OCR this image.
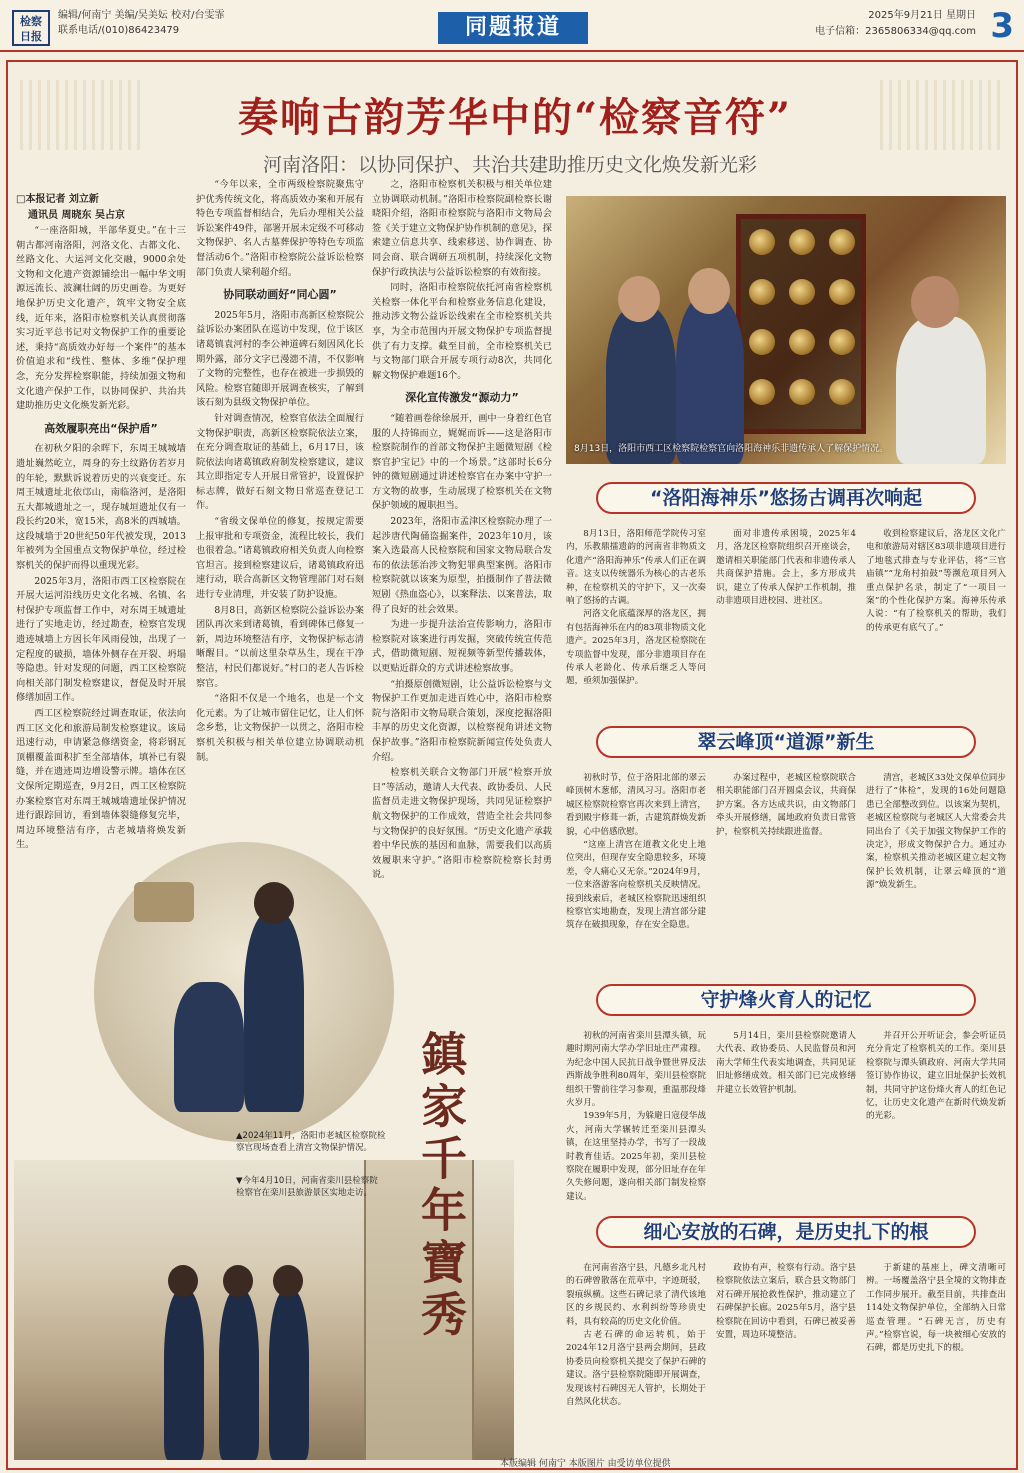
检察
日报
编辑/何南宁 美编/吴美妘 校对/台雯霏
联系电话/(010)86423479	同题报道	2025年9月21日 星期日
电子信箱：2365806334@qq.com 3
奏响古韵芳华中的“检察音符”
河南洛阳：以协同保护、共治共建助推历史文化焕发新光彩
□本报记者 刘立新
通讯员 周晓东 吴占京

“一座洛阳城，半部华夏史。”在十三朝古都河南洛阳，河洛文化、古都文化、丝路文化、大运河文化交融，9000余处文物和文化遗产资源铺绘出一幅中华文明源远流长、波澜壮阔的历史画卷。为更好地保护历史文化遗产，筑牢文物安全底线，近年来，洛阳市检察机关认真贯彻落实习近平总书记对文物保护工作的重要论述，秉持“高质效办好每一个案件”的基本价值追求和“线性、整体、多维”保护理念，充分发挥检察职能，持续加强文物和文化遗产保护工作，以协同保护、共治共建助推历史文化焕发新光彩。

高效履职亮出“保护盾”

在初秋夕阳的余晖下，东周王城城墙遗址巍然屹立，周身的夯土纹路仿若岁月的年轮，默默诉说着历史的兴衰变迁。东周王城遗址北依邙山，南临洛河，是洛阳五大都城遗址之一，现存城垣遗址仅有一段长约20米，宽15米，高8米的西城墙。这段城墙于20世纪50年代被发现，2013年被列为全国重点文物保护单位，经过检察机关的保护而得以重现光彩。

2025年3月，洛阳市西工区检察院在开展大运河沿线历史文化名城、名镇、名村保护专项监督工作中，对东周王城遗址进行了实地走访，经过勘查，检察官发现遗迹城墙上方因长年风雨侵蚀，出现了一定程度的破损，墙体外侧存在开裂、坍塌等隐患。针对发现的问题，西工区检察院向相关部门制发检察建议，督促及时开展修缮加固工作。

西工区检察院经过调查取证，依法向西工区文化和旅游局制发检察建议。该局迅速行动，申请紧急修缮资金，将彩钢瓦顶棚覆盖面积扩至全部墙体，填补已有裂缝，并在遗迹周边增设警示牌。墙体在区文保所定期巡查，9月2日，西工区检察院办案检察官对东周王城城墙遗址保护情况进行跟踪回访，看到墙体裂缝修复完毕，周边环境整洁有序，古老城墙将焕发新生。

“今年以来，全市两级检察院聚焦守护优秀传统文化，将高质效办案和开展有特色专项监督相结合，先后办理相关公益诉讼案件49件，部署开展未定级不可移动文物保护、名人古墓葬保护等特色专项监督活动6个。”洛阳市检察院公益诉讼检察部门负责人梁利超介绍。

协同联动画好“同心圆”

2025年5月，洛阳市高新区检察院公益诉讼办案团队在巡访中发现，位于该区诸葛镇袁河村的李公神道碑石刻因风化长期外露，部分文字已漫漶不清，不仅影响了文物的完整性，也存在被进一步损毁的风险。检察官随即开展调查核实，了解到该石刻为县级文物保护单位。

针对调查情况，检察官依法全面履行文物保护职责，高新区检察院依法立案，在充分调查取证的基础上，6月17日，该院依法向诸葛镇政府制发检察建议，建议其立即指定专人开展日常管护，设置保护标志牌，做好石刻文物日常巡查登记工作。

“省级文保单位的修复，按规定需要上报审批和专项资金，流程比较长，我们也很着急。”诸葛镇政府相关负责人向检察官坦言。接到检察建议后，诸葛镇政府迅速行动，联合高新区文物管理部门对石刻进行专业清理，并安装了防护设施。

8月8日，高新区检察院公益诉讼办案团队再次来到诸葛镇，看到碑体已修复一新，周边环境整洁有序，文物保护标志清晰醒目。“以前这里杂草丛生，现在干净整洁，村民们都说好。”村口的老人告诉检察官。

“洛阳不仅是一个地名，也是一个文化元素。为了让城市留住记忆，让人们怀念乡愁，让文物保护一以贯之，洛阳市检察机关积极与相关单位建立协调联动机制。

之，洛阳市检察机关积极与相关单位建立协调联动机制。”洛阳市检察院副检察长谢晓阳介绍，洛阳市检察院与洛阳市文物局会签《关于建立文物保护协作机制的意见》，探索建立信息共享、线索移送、协作调查、协同会商、联合调研五项机制，持续深化文物保护行政执法与公益诉讼检察的有效衔接。

同时，洛阳市检察院依托河南省检察机关检察一体化平台和检察业务信息化建设，推动涉文物公益诉讼线索在全市检察机关共享，为全市范围内开展文物保护专项监督提供了有力支撑。截至目前，全市检察机关已与文物部门联合开展专项行动8次，共同化解文物保护难题16个。

深化宣传激发“源动力”

“随着画卷徐徐展开，画中一身着红色官服的人持锦而立，娓娓而诉——这是洛阳市检察院制作的首部文物保护主题微短剧《检察官护宝记》中的一个场景。”这部时长6分钟的微短剧通过讲述检察官在办案中守护一方文物的故事，生动展现了检察机关在文物保护领域的履职担当。

2023年，洛阳市孟津区检察院办理了一起涉唐代陶俑盗掘案件，2023年10月，该案入选最高人民检察院和国家文物局联合发布的依法惩治涉文物犯罪典型案例。洛阳市检察院就以该案为原型，拍摄制作了普法微短剧《热血盗心》，以案释法、以案普法，取得了良好的社会效果。

为进一步提升法治宣传影响力，洛阳市检察院对该案进行再发掘，突破传统宣传范式，借助微短剧、短视频等新型传播载体，以更贴近群众的方式讲述检察故事。

“拍摄原创微短剧，让公益诉讼检察与文物保护工作更加走进百姓心中，洛阳市检察院与洛阳市文物局联合策划，深度挖掘洛阳丰厚的历史文化资源，以检察视角讲述文物保护故事。”洛阳市检察院新闻宣传处负责人介绍。

检察机关联合文物部门开展“检察开放日”等活动，邀请人大代表、政协委员、人民监督员走进文物保护现场，共同见证检察护航文物保护的工作成效，营造全社会共同参与文物保护的良好氛围。“历史文化遗产承载着中华民族的基因和血脉，需要我们以高质效履职来守护。”洛阳市检察院检察长封勇说。

8月13日，洛阳市西工区检察院检察官向洛阳海神乐非遗传承人了解保护情况。
▲2024年11月，洛阳市老城区检察院检察官现场查看上清宫文物保护情况。
▼今年4月10日，河南省栾川县检察院检察官在栾川县旅游景区实地走访。 鎮家千年寶秀
“洛阳海神乐”悠扬古调再次响起

8月13日，洛阳师范学院传习室内，乐教鼎擂遗韵的河南省非物质文化遗产“洛阳海神乐”传承人们正在调音。这支以传统器乐为核心的古老乐种，在检察机关的守护下，又一次奏响了悠扬的古调。

河洛文化底蕴深厚的洛龙区，拥有包括海神乐在内的83项非物质文化遗产。2025年3月，洛龙区检察院在专项监督中发现，部分非遗项目存在传承人老龄化、传承后继乏人等问题，亟须加强保护。

面对非遗传承困境，2025年4月，洛龙区检察院组织召开座谈会，邀请相关职能部门代表和非遗传承人共商保护措施。会上，多方形成共识，建立了传承人保护工作机制，推动非遗项目进校园、进社区。

收到检察建议后，洛龙区文化广电和旅游局对辖区83项非遗项目进行了地毯式排查与专业评估，将“三官庙镇”“龙角村拍鼓”等濒危项目列入重点保护名录，制定了“一项目一案”的个性化保护方案。海神乐传承人说：“有了检察机关的帮助，我们的传承更有底气了。”

翠云峰顶“道源”新生

初秋时节，位于洛阳北部的翠云峰顶树木葱郁，清风习习。洛阳市老城区检察院检察官再次来到上清宫，看到殿宇修葺一新，古建筑群焕发新貌，心中倍感欣慰。

“这座上清宫在道教文化史上地位突出，但现存安全隐患较多，环境差，令人痛心又无奈。”2024年9月，一位来洛游客向检察机关反映情况。接到线索后，老城区检察院迅速组织检察官实地勘查，发现上清宫部分建筑存在破损现象，存在安全隐患。

办案过程中，老城区检察院联合相关职能部门召开圆桌会议，共商保护方案。各方达成共识，由文物部门牵头开展修缮，属地政府负责日常管护，检察机关持续跟进监督。

清宫，老城区33处文保单位同步进行了“体检”，发现的16处问题隐患已全部整改到位。以该案为契机，老城区检察院与老城区人大常委会共同出台了《关于加强文物保护工作的决定》，形成文物保护合力。通过办案，检察机关推动老城区建立起文物保护长效机制，让翠云峰顶的“道源”焕发新生。

守护烽火育人的记忆

初秋的河南省栾川县潭头镇，玩趣时期河南大学办学旧址庄严肃穆。为纪念中国人民抗日战争暨世界反法西斯战争胜利80周年，栾川县检察院组织干警前往学习参观，重温那段烽火岁月。

1939年5月，为躲避日寇侵华战火，河南大学辗转迁至栾川县潭头镇，在这里坚持办学，书写了一段战时教育佳话。2025年初，栾川县检察院在履职中发现，部分旧址存在年久失修问题，遂向相关部门制发检察建议。

5月14日，栾川县检察院邀请人大代表、政协委员、人民监督员和河南大学师生代表实地调查，共同见证旧址修缮成效。相关部门已完成修缮并建立长效管护机制。

并召开公开听证会，参会听证员充分肯定了检察机关的工作。栾川县检察院与潭头镇政府、河南大学共同签订协作协议，建立旧址保护长效机制，共同守护这份烽火育人的红色记忆，让历史文化遗产在新时代焕发新的光彩。

细心安放的石碑，是历史扎下的根

在河南省洛宁县，凡德乡北凡村的石碑曾散落在荒草中，字迹斑驳，裂痕纵横。这些石碑记录了清代该地区的乡规民约、水利纠纷等珍贵史料，具有较高的历史文化价值。

古老石碑的命运转机，始于2024年12月洛宁县两会期间，县政协委员向检察机关提交了保护石碑的建议。洛宁县检察院随即开展调查，发现该村石碑因无人管护，长期处于自然风化状态。

政协有声，检察有行动。洛宁县检察院依法立案后，联合县文物部门对石碑开展抢救性保护，推动建立了石碑保护长廊。2025年5月，洛宁县检察院在回访中看到，石碑已被妥善安置，周边环境整洁。

于新建的基座上，碑文清晰可辨。一场覆盖洛宁县全境的文物排查工作同步展开。截至目前，共排查出114处文物保护单位，全部纳入日常巡查管理。“石碑无言，历史有声。”检察官说，每一块被细心安放的石碑，都是历史扎下的根。

本版编辑 何南宁 本版图片 由受访单位提供
